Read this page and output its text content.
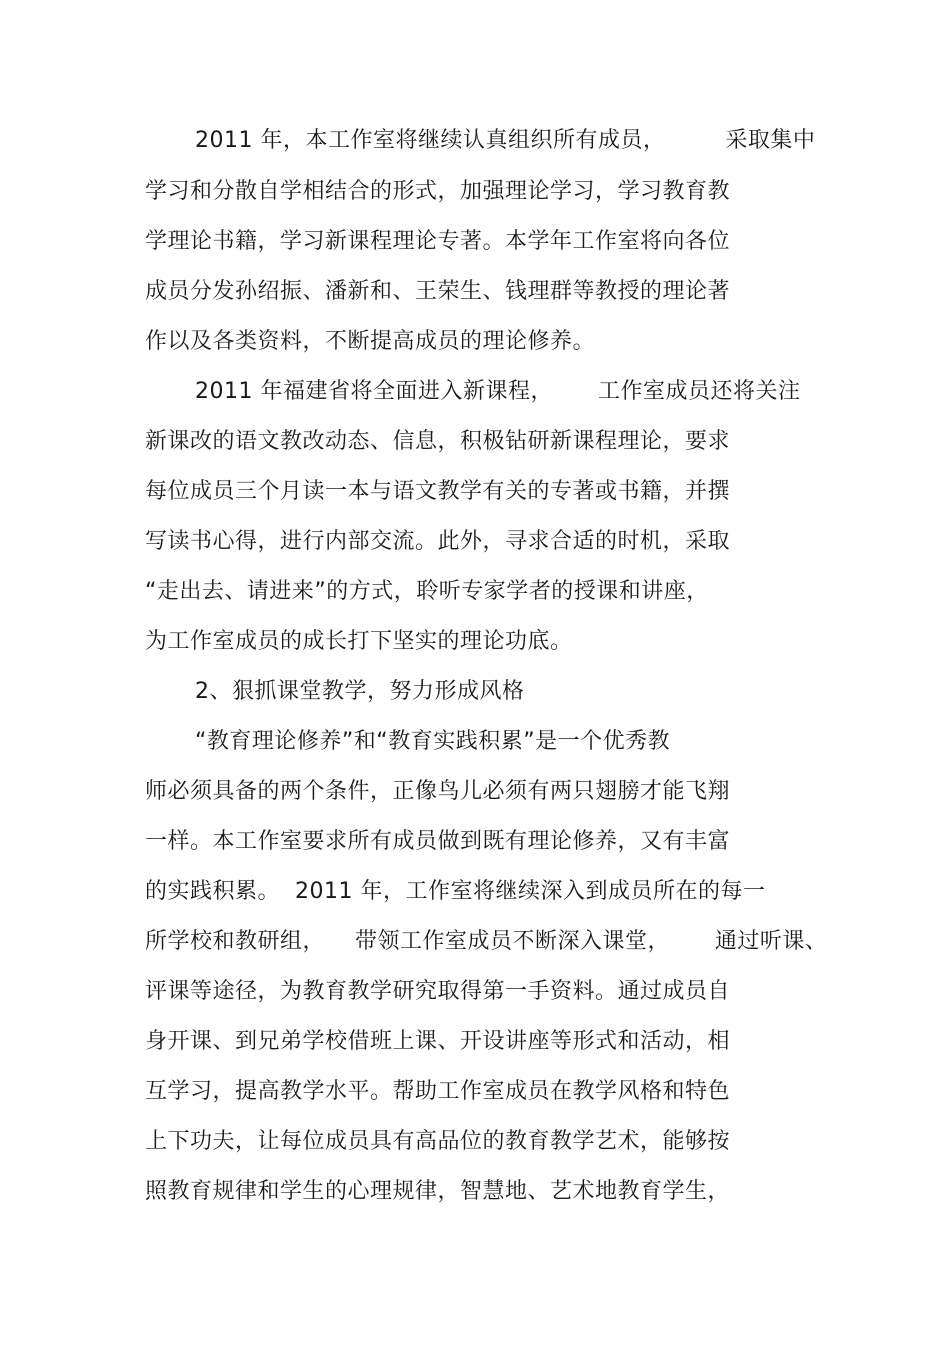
2011 年，本工作室将继续认真组织所有成员，        采取集中
学习和分散自学相结合的形式，加强理论学习，学习教育教
学理论书籍，学习新课程理论专著。本学年工作室将向各位
成员分发孙绍振、潘新和、王荣生、钱理群等教授的理论著
作以及各类资料，不断提高成员的理论修养。
2011 年福建省将全面进入新课程，      工作室成员还将关注
新课改的语文教改动态、信息，积极钻研新课程理论，要求
每位成员三个月读一本与语文教学有关的专著或书籍，并撰
写读书心得，进行内部交流。此外，寻求合适的时机，采取
“走出去、请进来”的方式，聆听专家学者的授课和讲座，
为工作室成员的成长打下坚实的理论功底。
2、狠抓课堂教学，努力形成风格
“教育理论修养”和“教育实践积累”是一个优秀教
师必须具备的两个条件，正像鸟儿必须有两只翅膀才能飞翔
一样。本工作室要求所有成员做到既有理论修养，又有丰富
的实践积累。  2011 年，工作室将继续深入到成员所在的每一
所学校和教研组，    带领工作室成员不断深入课堂，      通过听课、
评课等途径，为教育教学研究取得第一手资料。通过成员自
身开课、到兄弟学校借班上课、开设讲座等形式和活动，相
互学习，提高教学水平。帮助工作室成员在教学风格和特色
上下功夫，让每位成员具有高品位的教育教学艺术，能够按
照教育规律和学生的心理规律，智慧地、艺术地教育学生，
